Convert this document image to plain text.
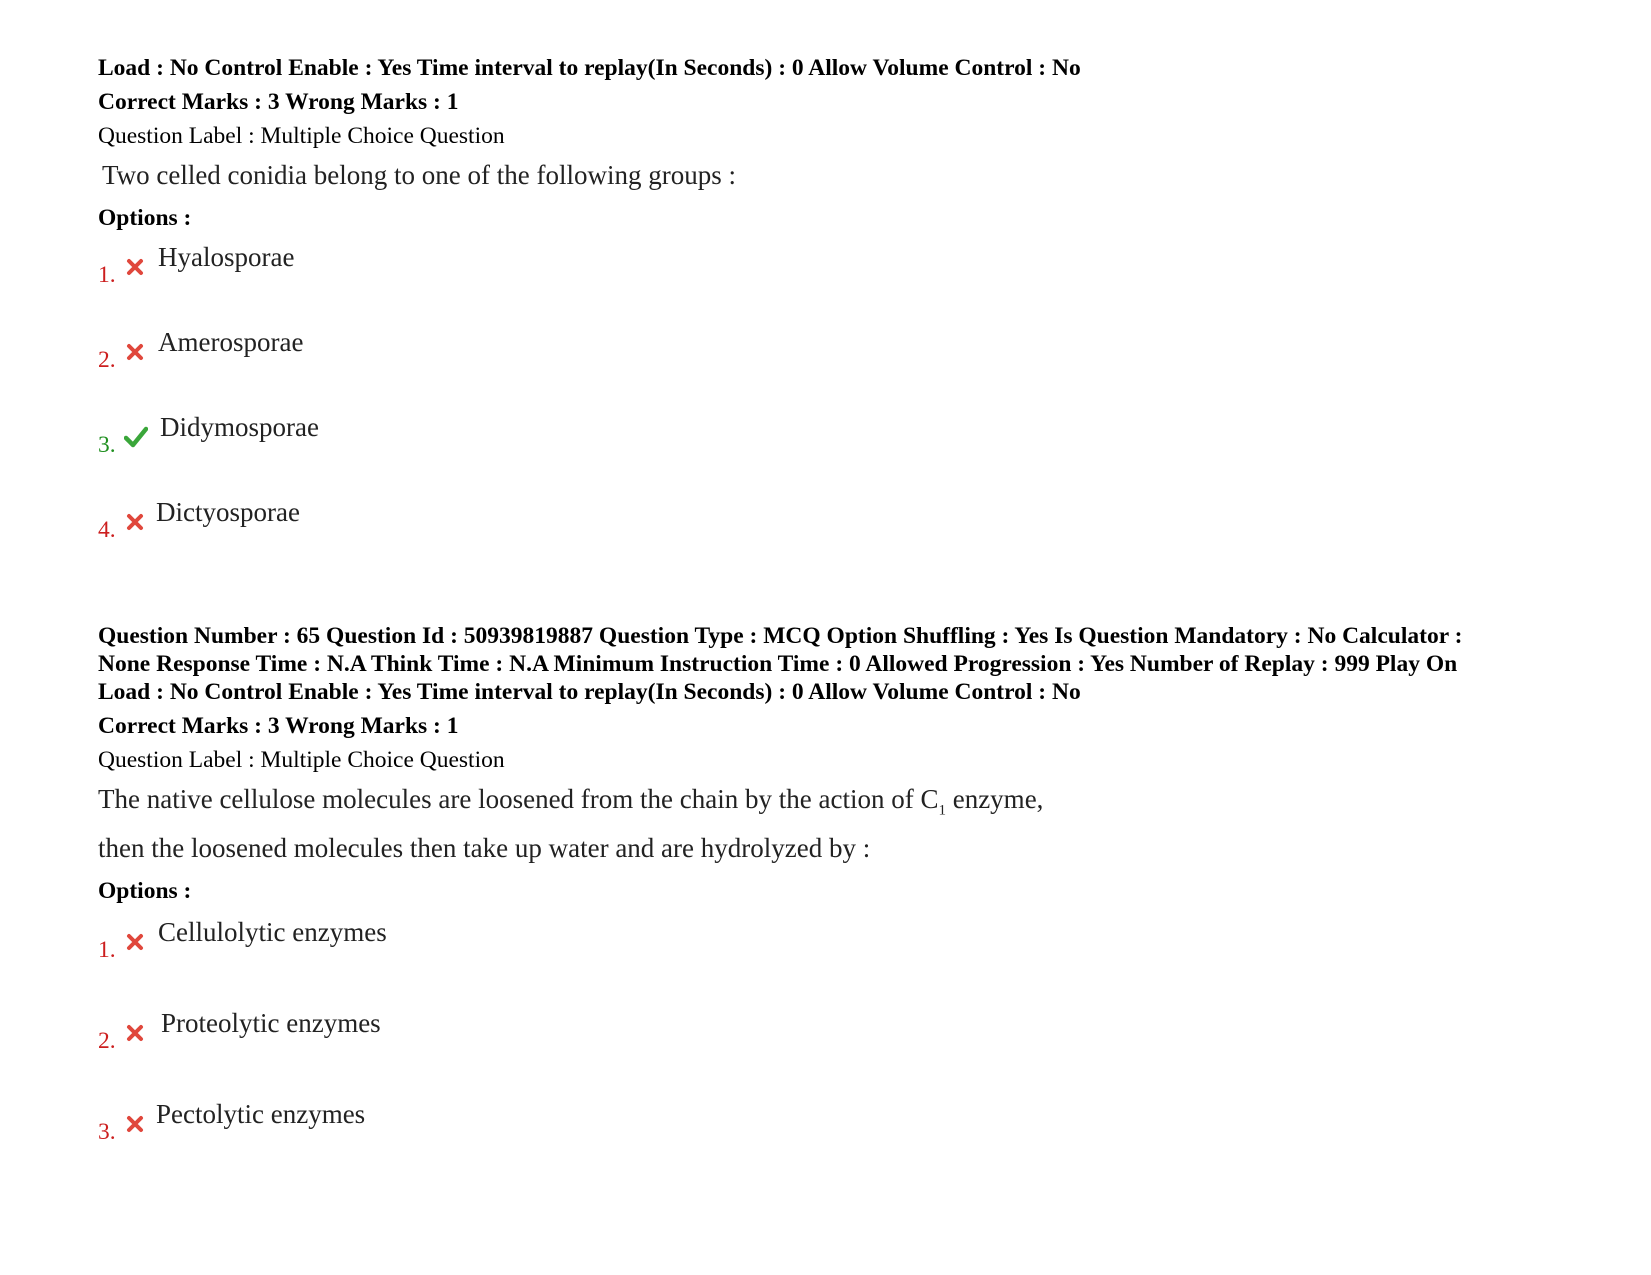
Load : No Control Enable : Yes Time interval to replay(In Seconds) : 0 Allow Volume Control : No

Correct Marks : 3 Wrong Marks : 1

Question Label : Multiple Choice Question

Two celled conidia belong to one of the following groups :

Options :

1.
Hyalosporae
2.
Amerosporae
3.
Didymosporae
4.
Dictyosporae

Question Number : 65 Question Id : 50939819887 Question Type : MCQ Option Shuffling : Yes Is Question Mandatory : No Calculator :

None Response Time : N.A Think Time : N.A Minimum Instruction Time : 0 Allowed Progression : Yes Number of Replay : 999 Play On

Load : No Control Enable : Yes Time interval to replay(In Seconds) : 0 Allow Volume Control : No

Correct Marks : 3 Wrong Marks : 1

Question Label : Multiple Choice Question

The native cellulose molecules are loosened from the chain by the action of $C_1$ enzyme,
then the loosened molecules then take up water and are hydrolyzed by :

Options :

1.
Cellulolytic enzymes
2.
Proteolytic enzymes
3.
Pectolytic enzymes
